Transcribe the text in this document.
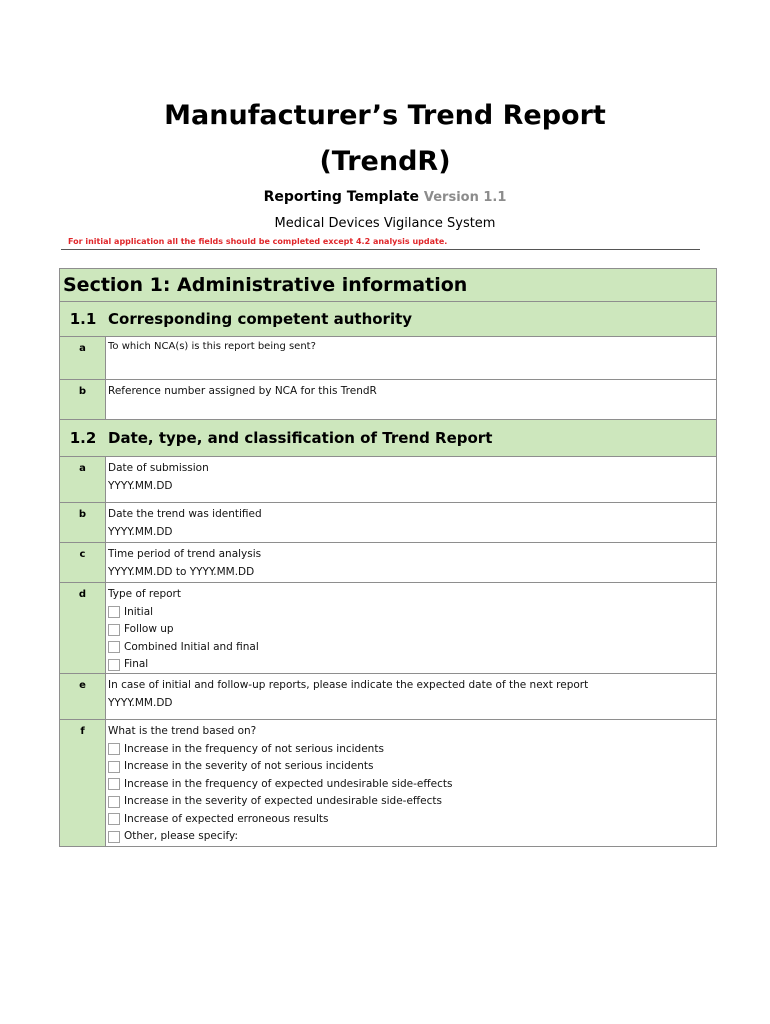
Manufacturer’s Trend Report
(TrendR)
Reporting Template Version 1.1
Medical Devices Vigilance System
For initial application all the fields should be completed except 4.2 analysis update.
Section 1: Administrative information
1.1 Corresponding competent authority
a	To which NCA(s) is this report being sent?
b	Reference number assigned by NCA for this TrendR
1.2 Date, type, and classification of Trend Report
a	Date of submission
YYYY.MM.DD
b	Date the trend was identified
YYYY.MM.DD
c	Time period of trend analysis
YYYY.MM.DD to YYYY.MM.DD
d	Type of report
Initial
Follow up
Combined Initial and final
Final
e	In case of initial and follow-up reports, please indicate the expected date of the next report
YYYY.MM.DD
f	What is the trend based on?
Increase in the frequency of not serious incidents
Increase in the severity of not serious incidents
Increase in the frequency of expected undesirable side-effects
Increase in the severity of expected undesirable side-effects
Increase of expected erroneous results
Other, please specify:
